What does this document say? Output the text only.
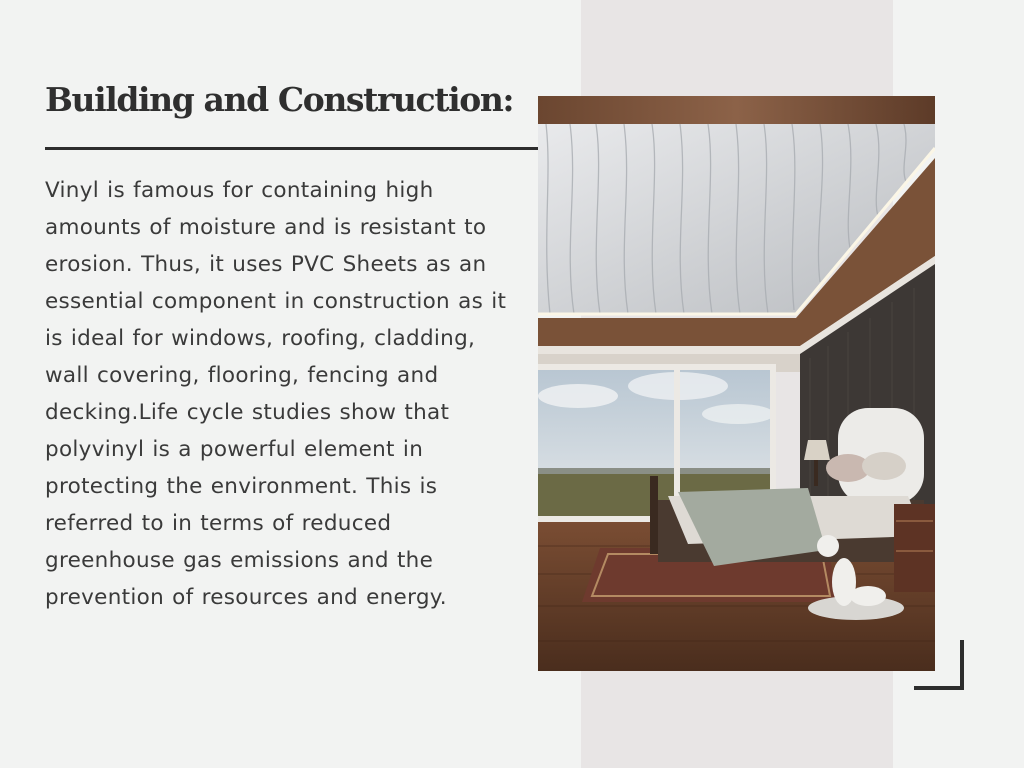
Building and Construction:

Vinyl is famous for containing high amounts of moisture and is resistant to erosion. Thus, it uses PVC Sheets as an essential component in construction as it is ideal for windows, roofing, cladding, wall covering, flooring, fencing and decking.Life cycle studies show that polyvinyl is a powerful element in protecting the environment. This is referred to in terms of reduced greenhouse gas emissions and the prevention of resources and energy.
